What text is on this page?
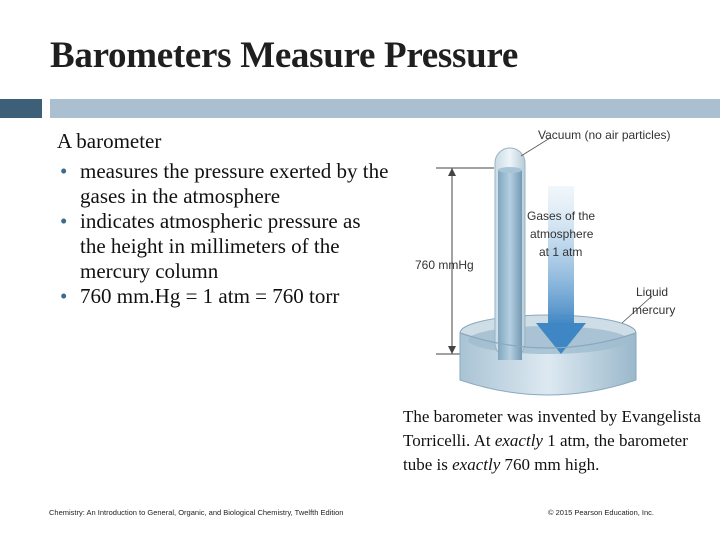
Barometers Measure Pressure
A barometer
• measures the pressure exerted by the gases in the atmosphere
• indicates atmospheric pressure as the height in millimeters of the mercury column
• 760 mm.Hg = 1 atm = 760 torr
Vacuum (no air particles)
Gases of the
atmosphere
at 1 atm
760 mmHg
Liquid
mercury
The barometer was invented by Evangelista Torricelli. At exactly 1 atm, the barometer tube is exactly 760 mm high.
Chemistry: An Introduction to General, Organic, and Biological Chemistry, Twelfth Edition	© 2015 Pearson Education, Inc.
